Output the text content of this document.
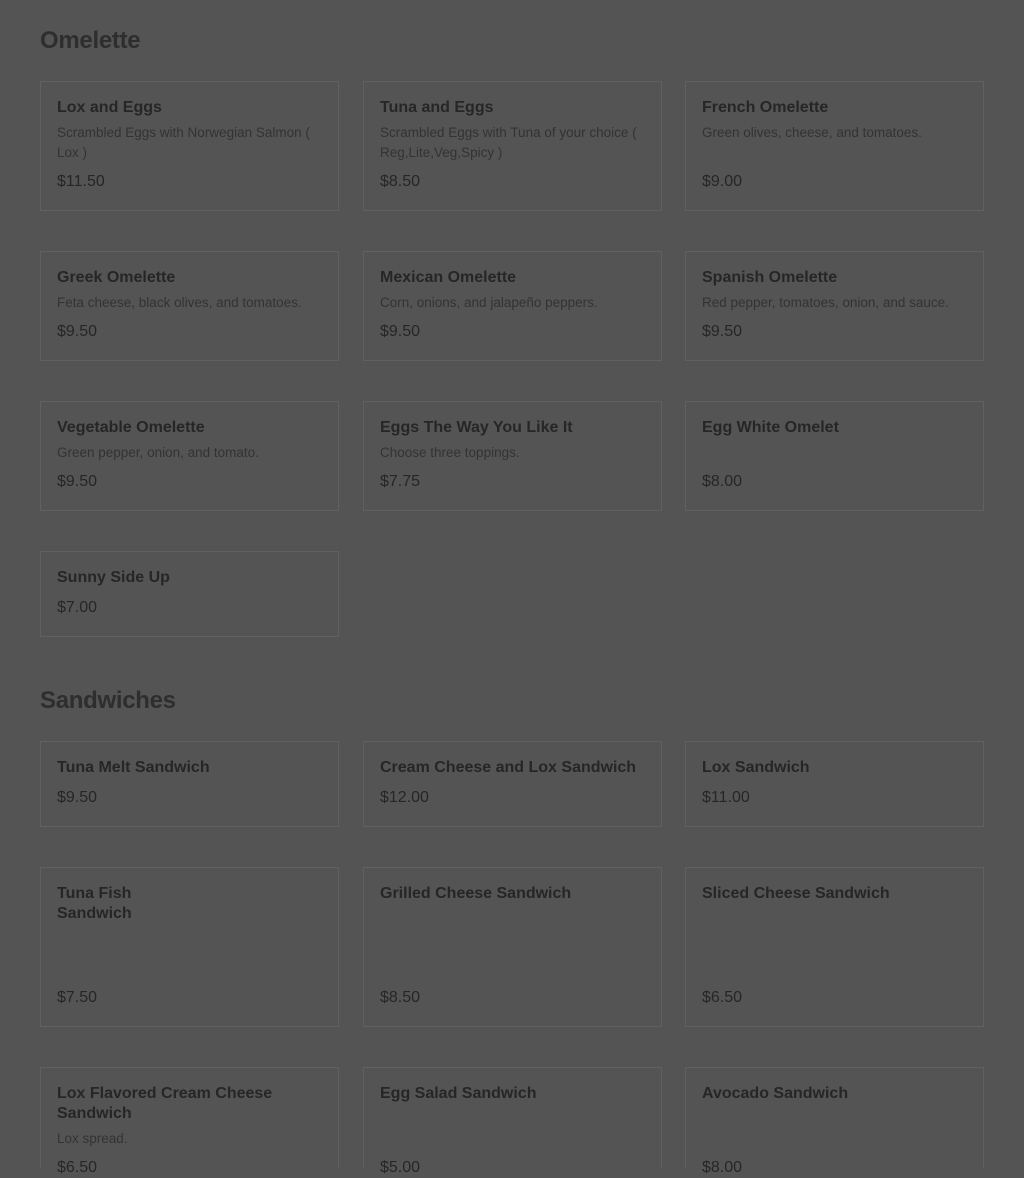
Omelette
Lox and Eggs
Scrambled Eggs with Norwegian Salmon ( Lox )
$11.50
Tuna and Eggs
Scrambled Eggs with Tuna of your choice ( Reg,Lite,Veg,Spicy )
$8.50
French Omelette
Green olives, cheese, and tomatoes.
$9.00
Greek Omelette
Feta cheese, black olives, and tomatoes.
$9.50
Mexican Omelette
Corn, onions, and jalapeño peppers.
$9.50
Spanish Omelette
Red pepper, tomatoes, onion, and sauce.
$9.50
Vegetable Omelette
Green pepper, onion, and tomato.
$9.50
Eggs The Way You Like It
Choose three toppings.
$7.75
Egg White Omelet
$8.00
Sunny Side Up
$7.00
Sandwiches
Tuna Melt Sandwich
$9.50
Cream Cheese and Lox Sandwich
$12.00
Lox Sandwich
$11.00
Tuna Fish Sandwich
$7.50
Grilled Cheese Sandwich
$8.50
Sliced Cheese Sandwich
$6.50
Lox Flavored Cream Cheese Sandwich
Lox spread.
$6.50
Egg Salad Sandwich
$5.00
Avocado Sandwich
$8.00
